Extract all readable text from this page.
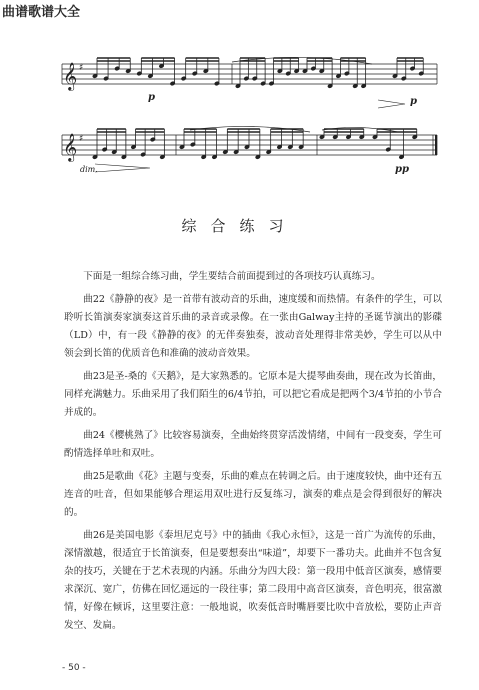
曲谱歌谱大全
𝄞
𝄞
♯
♯
p	p
dim.	pp
综合练习

下面是一组综合练习曲，学生要结合前面提到过的各项技巧认真练习。

曲22《静静的夜》是一首带有波动音的乐曲，速度缓和而热情。有条件的学生，可以聆听长笛演奏家演奏这首乐曲的录音或录像。在一张由Galway主持的圣诞节演出的影碟（LD）中，有一段《静静的夜》的无伴奏独奏，波动音处理得非常美妙，学生可以从中领会到长笛的优质音色和准确的波动音效果。

曲23是圣-桑的《天鹅》，是大家熟悉的。它原本是大提琴曲奏曲，现在改为长笛曲，同样充满魅力。乐曲采用了我们陌生的6/4节拍，可以把它看成是把两个3/4节拍的小节合并成的。

曲24《樱桃熟了》比较容易演奏，全曲始终贯穿活泼情绪，中间有一段变奏，学生可酌情选择单吐和双吐。

曲25是歌曲《花》主题与变奏，乐曲的难点在转调之后。由于速度较快，曲中还有五连音的吐音，但如果能够合理运用双吐进行反复练习，演奏的难点是会得到很好的解决的。

曲26是美国电影《泰坦尼克号》中的插曲《我心永恒》，这是一首广为流传的乐曲，深情激越，很适宜于长笛演奏，但是要想奏出“味道”，却要下一番功夫。此曲并不包含复杂的技巧，关键在于艺术表现的内涵。乐曲分为四大段：第一段用中低音区演奏，感情要求深沉、宽广，仿佛在回忆遥远的一段往事；第二段用中高音区演奏，音色明亮，很富激情，好像在倾诉，这里要注意：一般地说，吹奏低音时嘴唇要比吹中音放松，要防止声音发空、发扁。

- 50 -
